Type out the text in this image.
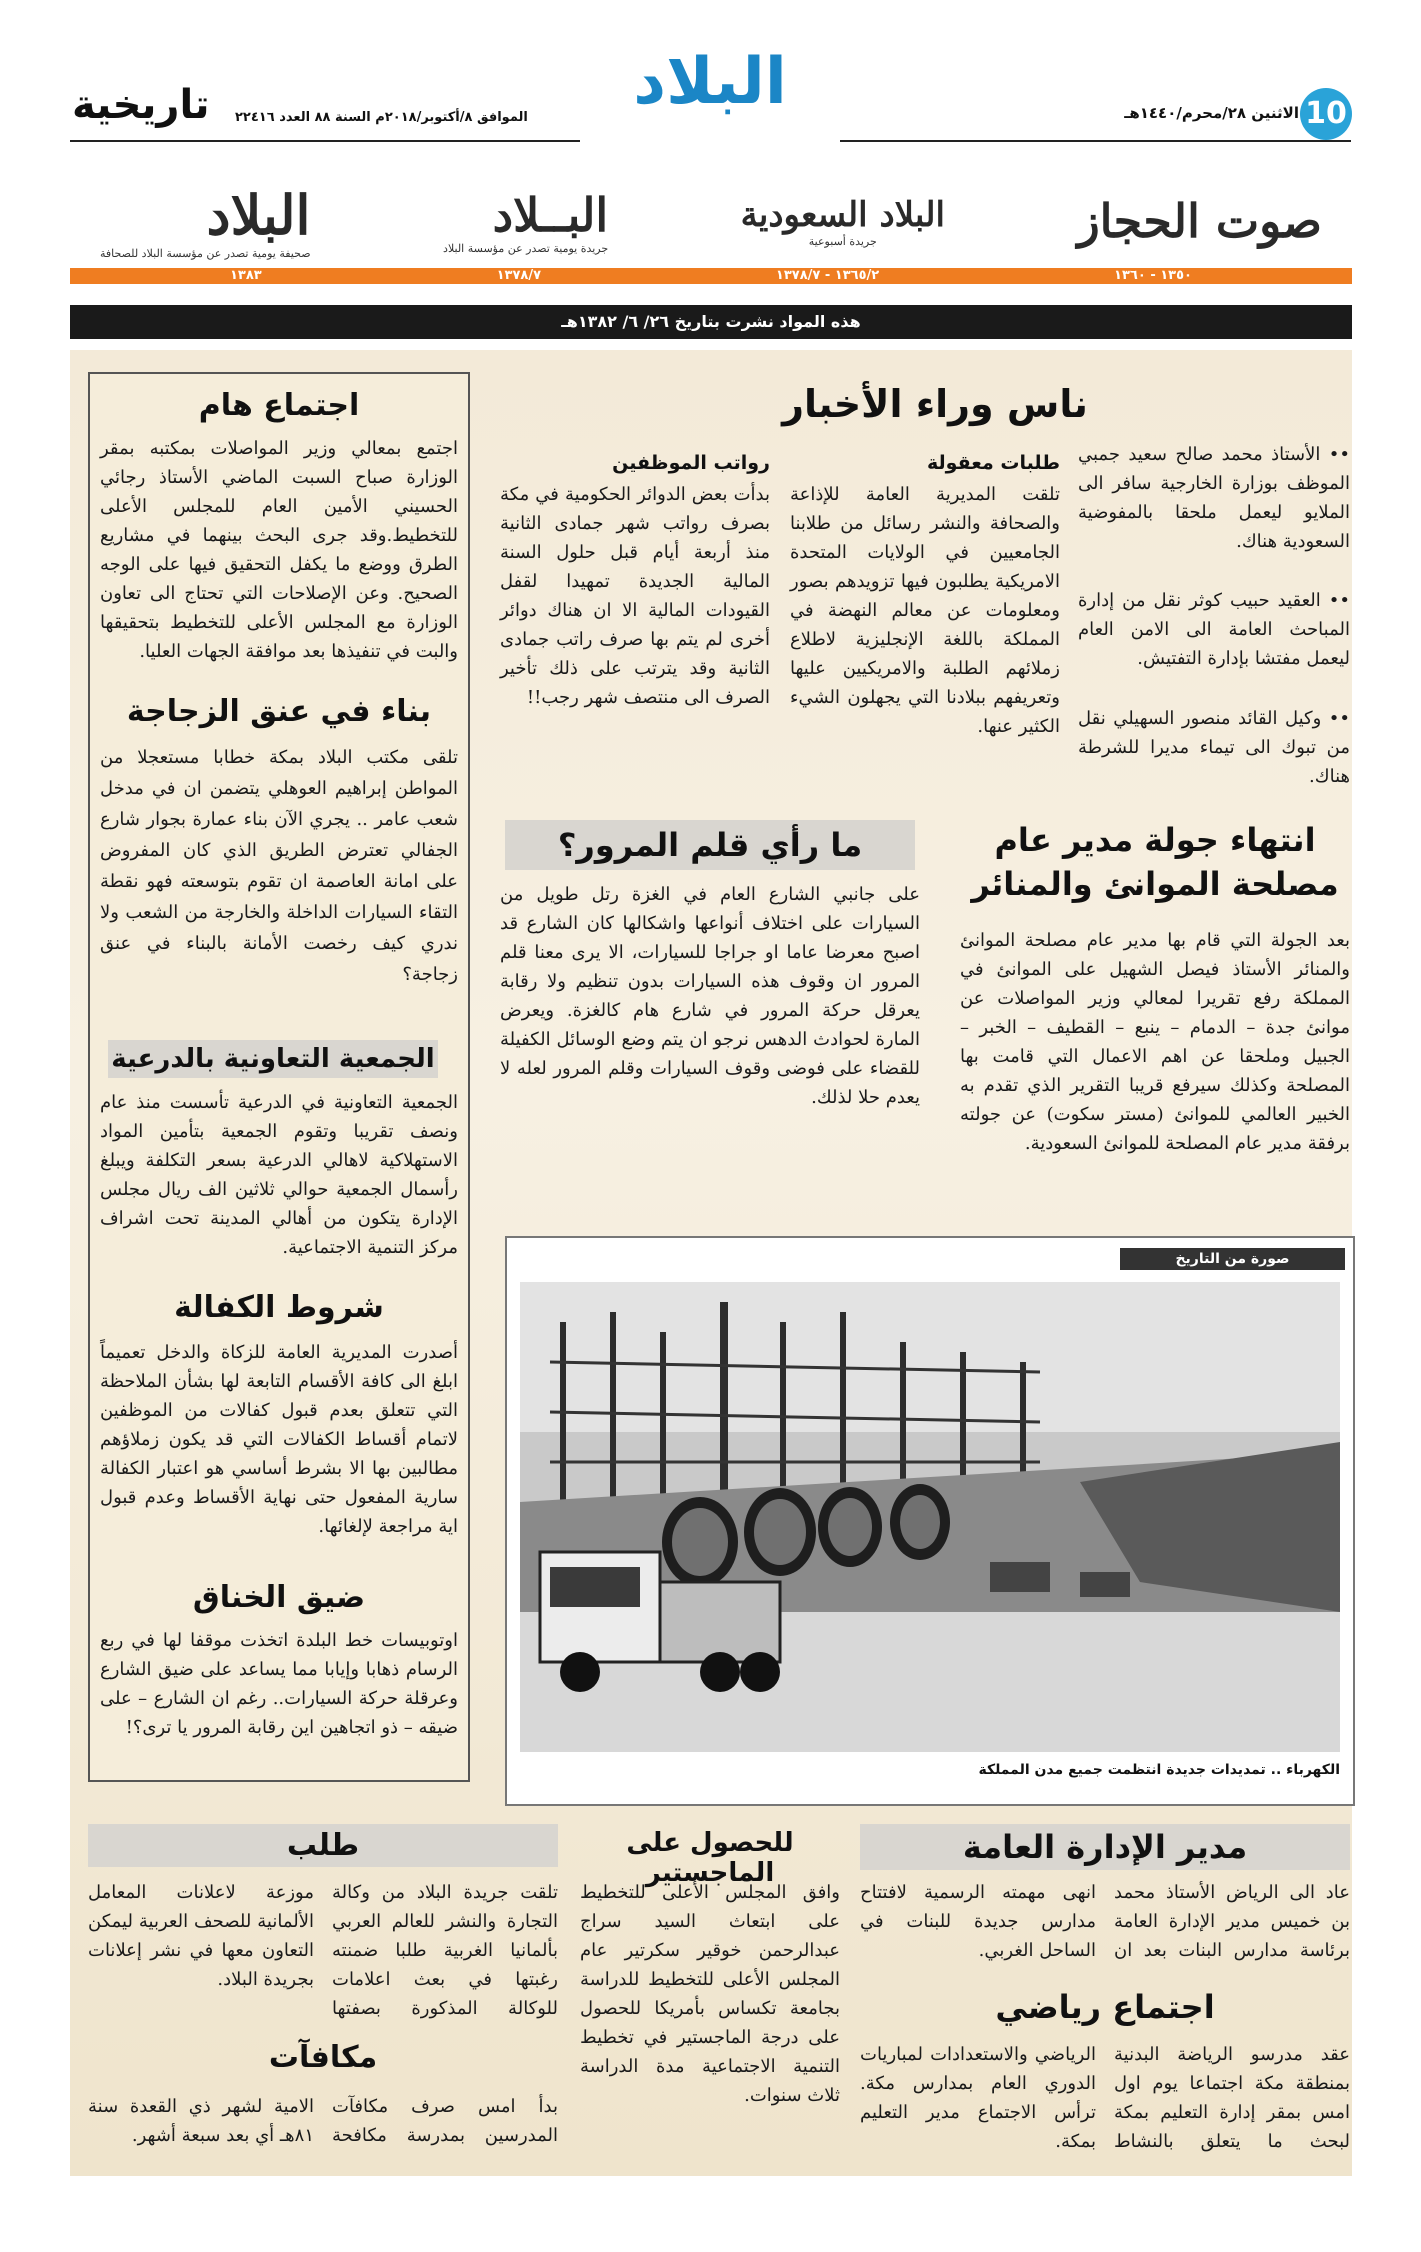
10
الاثنين ٢٨/محرم/١٤٤٠هـ
البلاد
الموافق ٨/أكتوبر/٢٠١٨م السنة ٨٨ العدد ٢٢٤١٦
تاريخية
صوت الحجاز
البلاد السعودية
جريدة أسبوعية
البــلاد
جريدة يومية تصدر عن مؤسسة البلاد
البلاد
صحيفة يومية تصدر عن مؤسسة البلاد للصحافة
١٣٨٣	١٣٧٨/٧	١٣٦٥/٢ - ١٣٧٨/٧	١٣٥٠ - ١٣٦٠
هذه المواد نشرت بتاريخ ٢٦/ ٦/ ١٣٨٢هـ
اجتماع هام
اجتمع بمعالي وزير المواصلات بمكتبه بمقر الوزارة صباح السبت الماضي الأستاذ رجائي الحسيني الأمين العام للمجلس الأعلى للتخطيط.وقد جرى البحث بينهما في مشاريع الطرق ووضع ما يكفل التحقيق فيها على الوجه الصحيح. وعن الإصلاحات التي تحتاج الى تعاون الوزارة مع المجلس الأعلى للتخطيط بتحقيقها والبت في تنفيذها بعد موافقة الجهات العليا.
بناء في عنق الزجاجة
تلقى مكتب البلاد بمكة خطابا مستعجلا من المواطن إبراهيم العوهلي يتضمن ان في مدخل شعب عامر .. يجري الآن بناء عمارة بجوار شارع الجفالي تعترض الطريق الذي كان المفروض على امانة العاصمة ان تقوم بتوسعته فهو نقطة التقاء السيارات الداخلة والخارجة من الشعب ولا ندري كيف رخصت الأمانة بالبناء في عنق زجاجة؟
الجمعية التعاونية بالدرعية
الجمعية التعاونية في الدرعية تأسست منذ عام ونصف تقريبا وتقوم الجمعية بتأمين المواد الاستهلاكية لاهالي الدرعية بسعر التكلفة ويبلغ رأسمال الجمعية حوالي ثلاثين الف ريال مجلس الإدارة يتكون من أهالي المدينة تحت اشراف مركز التنمية الاجتماعية.
شروط الكفالة
أصدرت المديرية العامة للزكاة والدخل تعميماً ابلغ الى كافة الأقسام التابعة لها بشأن الملاحظة التي تتعلق بعدم قبول كفالات من الموظفين لاتمام أقساط الكفالات التي قد يكون زملاؤهم مطالبين بها الا بشرط أساسي هو اعتبار الكفالة سارية المفعول حتى نهاية الأقساط وعدم قبول اية مراجعة لإلغائها.
ضيق الخناق
اوتوبيسات خط البلدة اتخذت موقفا لها في ربع الرسام ذهابا وإيابا مما يساعد على ضيق الشارع وعرقلة حركة السيارات.. رغم ان الشارع – على ضيقه – ذو اتجاهين اين رقابة المرور يا ترى؟!
ناس وراء الأخبار
•• الأستاذ محمد صالح سعيد جمبي الموظف بوزارة الخارجية سافر الى الملايو ليعمل ملحقا بالمفوضية السعودية هناك.
•• العقيد حبيب كوثر نقل من إدارة المباحث العامة الى الامن العام ليعمل مفتشا بإدارة التفتيش.
•• وكيل القائد منصور السهيلي نقل من تبوك الى تيماء مديرا للشرطة هناك.
طلبات معقولة
تلقت المديرية العامة للإذاعة والصحافة والنشر رسائل من طلابنا الجامعيين في الولايات المتحدة الامريكية يطلبون فيها تزويدهم بصور ومعلومات عن معالم النهضة في المملكة باللغة الإنجليزية لاطلاع زملائهم الطلبة والامريكيين عليها وتعريفهم ببلادنا التي يجهلون الشيء الكثير عنها.
رواتب الموظفين
بدأت بعض الدوائر الحكومية في مكة بصرف رواتب شهر جمادى الثانية منذ أربعة أيام قبل حلول السنة المالية الجديدة تمهيدا لقفل القيودات المالية الا ان هناك دوائر أخرى لم يتم بها صرف راتب جمادى الثانية وقد يترتب على ذلك تأخير الصرف الى منتصف شهر رجب!!
ما رأي قلم المرور؟
على جانبي الشارع العام في الغزة رتل طويل من السيارات على اختلاف أنواعها واشكالها كان الشارع قد اصبح معرضا عاما او جراجا للسيارات، الا يرى معنا قلم المرور ان وقوف هذه السيارات بدون تنظيم ولا رقابة يعرقل حركة المرور في شارع هام كالغزة. ويعرض المارة لحوادث الدهس نرجو ان يتم وضع الوسائل الكفيلة للقضاء على فوضى وقوف السيارات وقلم المرور لعله لا يعدم حلا لذلك.
انتهاء جولة مدير عام مصلحة الموانئ والمنائر
بعد الجولة التي قام بها مدير عام مصلحة الموانئ والمنائر الأستاذ فيصل الشهيل على الموانئ في المملكة رفع تقريرا لمعالي وزير المواصلات عن موانئ جدة – الدمام – ينبع – القطيف – الخبر – الجبيل وملحقا عن اهم الاعمال التي قامت بها المصلحة وكذلك سيرفع قريبا التقرير الذي تقدم به الخبير العالمي للموانئ (مستر سكوت) عن جولته برفقة مدير عام المصلحة للموانئ السعودية.
صورة من التاريخ
الكهرباء .. تمديدات جديدة انتظمت جميع مدن المملكة
مدير الإدارة العامة
عاد الى الرياض الأستاذ محمد بن خميس مدير الإدارة العامة برئاسة مدارس البنات بعد ان انهى مهمته الرسمية لافتتاح مدارس جديدة للبنات في الساحل الغربي.
اجتماع رياضي
عقد مدرسو الرياضة البدنية بمنطقة مكة اجتماعا يوم اول امس بمقر إدارة التعليم بمكة لبحث ما يتعلق بالنشاط الرياضي والاستعدادات لمباريات الدوري العام بمدارس مكة. ترأس الاجتماع مدير التعليم بمكة.
للحصول على الماجستير
وافق المجلس الأعلى للتخطيط على ابتعاث السيد سراج عبدالرحمن خوقير سكرتير عام المجلس الأعلى للتخطيط للدراسة بجامعة تكساس بأمريكا للحصول على درجة الماجستير في تخطيط التنمية الاجتماعية مدة الدراسة ثلاث سنوات.
طلب
تلقت جريدة البلاد من وكالة التجارة والنشر للعالم العربي بألمانيا الغربية طلبا ضمنته رغبتها في بعث اعلامات للوكالة المذكورة بصفتها موزعة لاعلانات المعامل الألمانية للصحف العربية ليمكن التعاون معها في نشر إعلانات بجريدة البلاد.
مكافآت
بدأ امس صرف مكافآت المدرسين بمدرسة مكافحة الامية لشهر ذي القعدة سنة ٨١هـ أي بعد سبعة أشهر.
